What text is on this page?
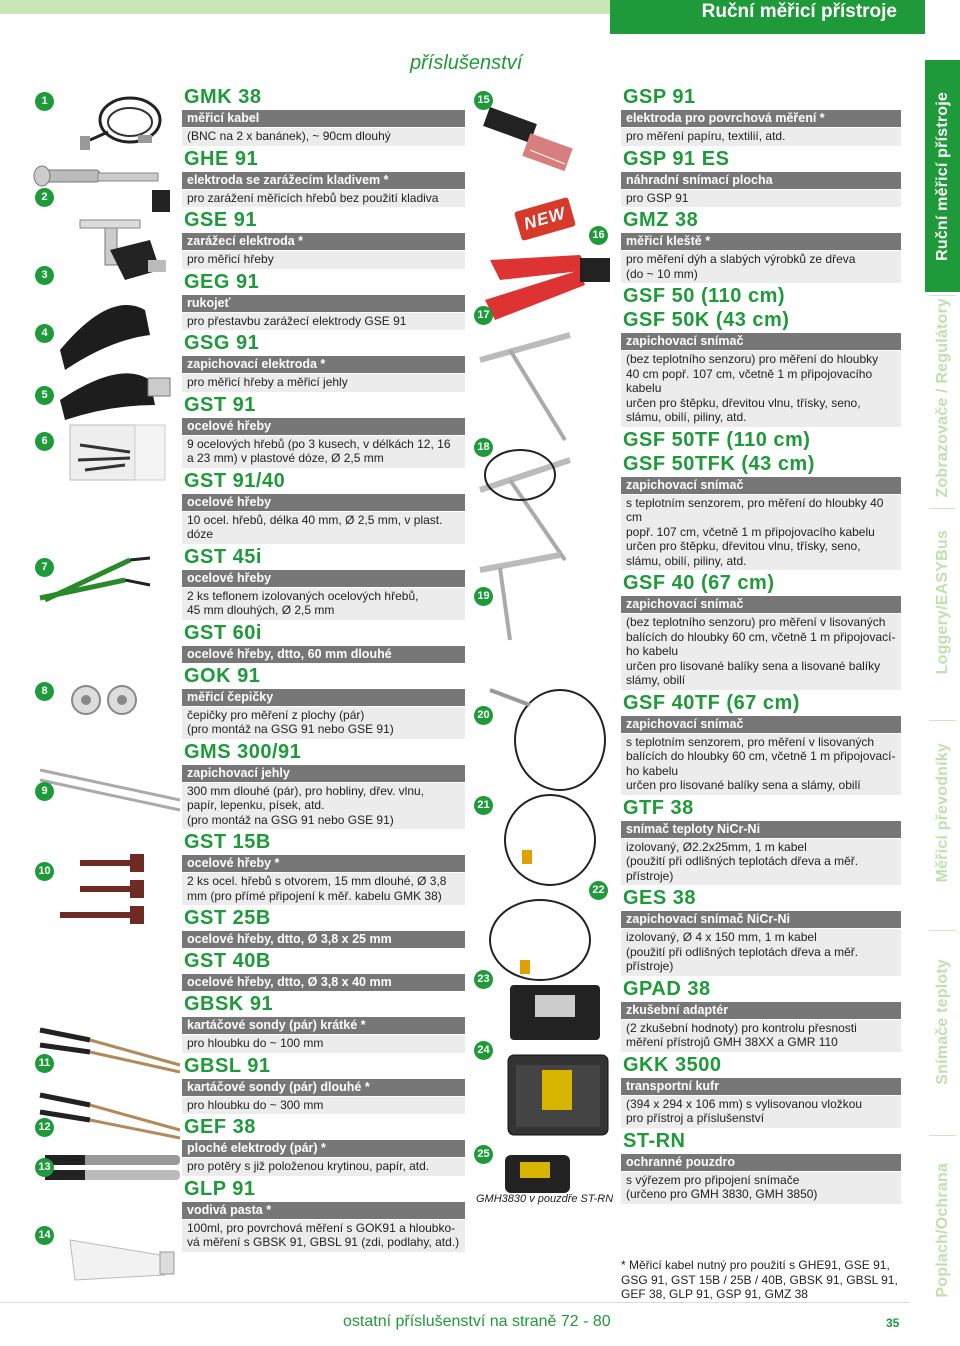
Ruční měřicí přístroje
Ruční měřicí přístroje
Zobrazovače / Regulátory
Loggery/EASYBus
Měřicí převodníky
Snímače teploty
Poplach/Ochrana
příslušenství
GMK 38
měřicí kabel
(BNC na 2 x banánek), ~ 90cm dlouhý
GHE 91
elektroda se zarážecím kladivem *
pro zarážení měřicích hřebů bez použití kladiva
GSE 91
zarážecí elektroda *
pro měřicí hřeby
GEG 91
rukojeť
pro přestavbu zarážecí elektrody GSE 91
GSG 91
zapichovací elektroda *
pro měřicí hřeby a měřicí jehly
GST 91
ocelové hřeby
9 ocelových hřebů (po 3 kusech, v délkách 12, 16
a 23 mm) v plastové dóze, Ø 2,5 mm
GST 91/40
ocelové hřeby
10 ocel. hřebů, délka 40 mm, Ø 2,5 mm, v plast. dóze
GST 45i
ocelové hřeby
2 ks teflonem izolovaných ocelových hřebů,
45 mm dlouhých, Ø 2,5 mm
GST 60i
ocelové hřeby, dtto, 60 mm dlouhé
GOK 91
měřicí čepičky
čepičky pro měření z plochy (pár)
(pro montáž na GSG 91 nebo GSE 91)
GMS 300/91
zapichovací jehly
300 mm dlouhé (pár), pro hobliny, dřev. vlnu,
papír, lepenku, písek, atd.
(pro montáž na GSG 91 nebo GSE 91)
GST 15B
ocelové hřeby *
2 ks ocel. hřebů s otvorem, 15 mm dlouhé, Ø 3,8
mm (pro přímé připojení k měř. kabelu GMK 38)
GST 25B
ocelové hřeby, dtto, Ø 3,8 x 25 mm
GST 40B
ocelové hřeby, dtto, Ø 3,8 x 40 mm
GBSK 91
kartáčové sondy (pár) krátké *
pro hloubku do ~ 100 mm
GBSL 91
kartáčové sondy (pár) dlouhé *
pro hloubku do ~ 300 mm
GEF 38
ploché elektrody (pár) *
pro potěry s již položenou krytinou, papír, atd.
GLP 91
vodivá pasta *
100ml, pro povrchová měření s GOK91 a hloubko-
vá měření s GBSK 91, GBSL 91 (zdi, podlahy, atd.)
GSP 91
elektroda pro povrchová měření *
pro měření papíru, textilií, atd.
GSP 91 ES
náhradní snímací plocha
pro GSP 91
GMZ 38
měřicí kleště *
pro měření dýh a slabých výrobků ze dřeva
(do ~ 10 mm)
GSF 50 (110 cm)
GSF 50K (43 cm)
zapichovací snímač
(bez teplotního senzoru) pro měření do hloubky
40 cm popř. 107 cm, včetně 1 m připojovacího
kabelu
určen pro štěpku, dřevitou vlnu, třísky, seno,
slámu, obilí, piliny, atd.
GSF 50TF (110 cm)
GSF 50TFK (43 cm)
zapichovací snímač
s teplotním senzorem, pro měření do hloubky 40 cm
popř. 107 cm, včetně 1 m připojovacího kabelu
určen pro štěpku, dřevitou vlnu, třísky, seno,
slámu, obilí, piliny, atd.
GSF 40 (67 cm)
zapichovací snímač
(bez teplotního senzoru) pro měření v lisovaných
balících do hloubky 60 cm, včetně 1 m připojovací-
ho kabelu
určen pro lisované balíky sena a lisované balíky
slámy, obilí
GSF 40TF (67 cm)
zapichovací snímač
s teplotním senzorem, pro měření v lisovaných
balících do hloubky 60 cm, včetně 1 m připojovací-
ho kabelu
určen pro lisované balíky sena a slámy, obilí
GTF 38
snímač teploty NiCr-Ni
izolovaný, Ø2.2x25mm, 1 m kabel
(použití při odlišných teplotách dřeva a měř. přístroje)
GES 38
zapichovací snímač NiCr-Ni
izolovaný, Ø 4 x 150 mm, 1 m kabel
(použití při odlišných teplotách dřeva a měř. přístroje)
GPAD 38
zkušební adaptér
(2 zkušební hodnoty) pro kontrolu přesnosti
měření přístrojů GMH 38XX a GMR 110
GKK 3500
transportní kufr
(394 x 294 x 106 mm) s vylisovanou vložkou
pro přístroj a příslušenství
ST-RN
ochranné pouzdro
s výřezem pro připojení snímače
(určeno pro GMH 3830, GMH 3850)
NEW
1
2
3
4
5
6
7
8
9
10
11
12
13
14
15
16
17
18
19
20
21
22
23
24
25
GMH3830 v pouzdře ST-RN
* Měřicí kabel nutný pro použití s GHE91, GSE 91, GSG 91, GST 15B / 25B / 40B, GBSK 91, GBSL 91, GEF 38, GLP 91, GSP 91, GMZ 38
ostatní příslušenství na straně 72 - 80	35
